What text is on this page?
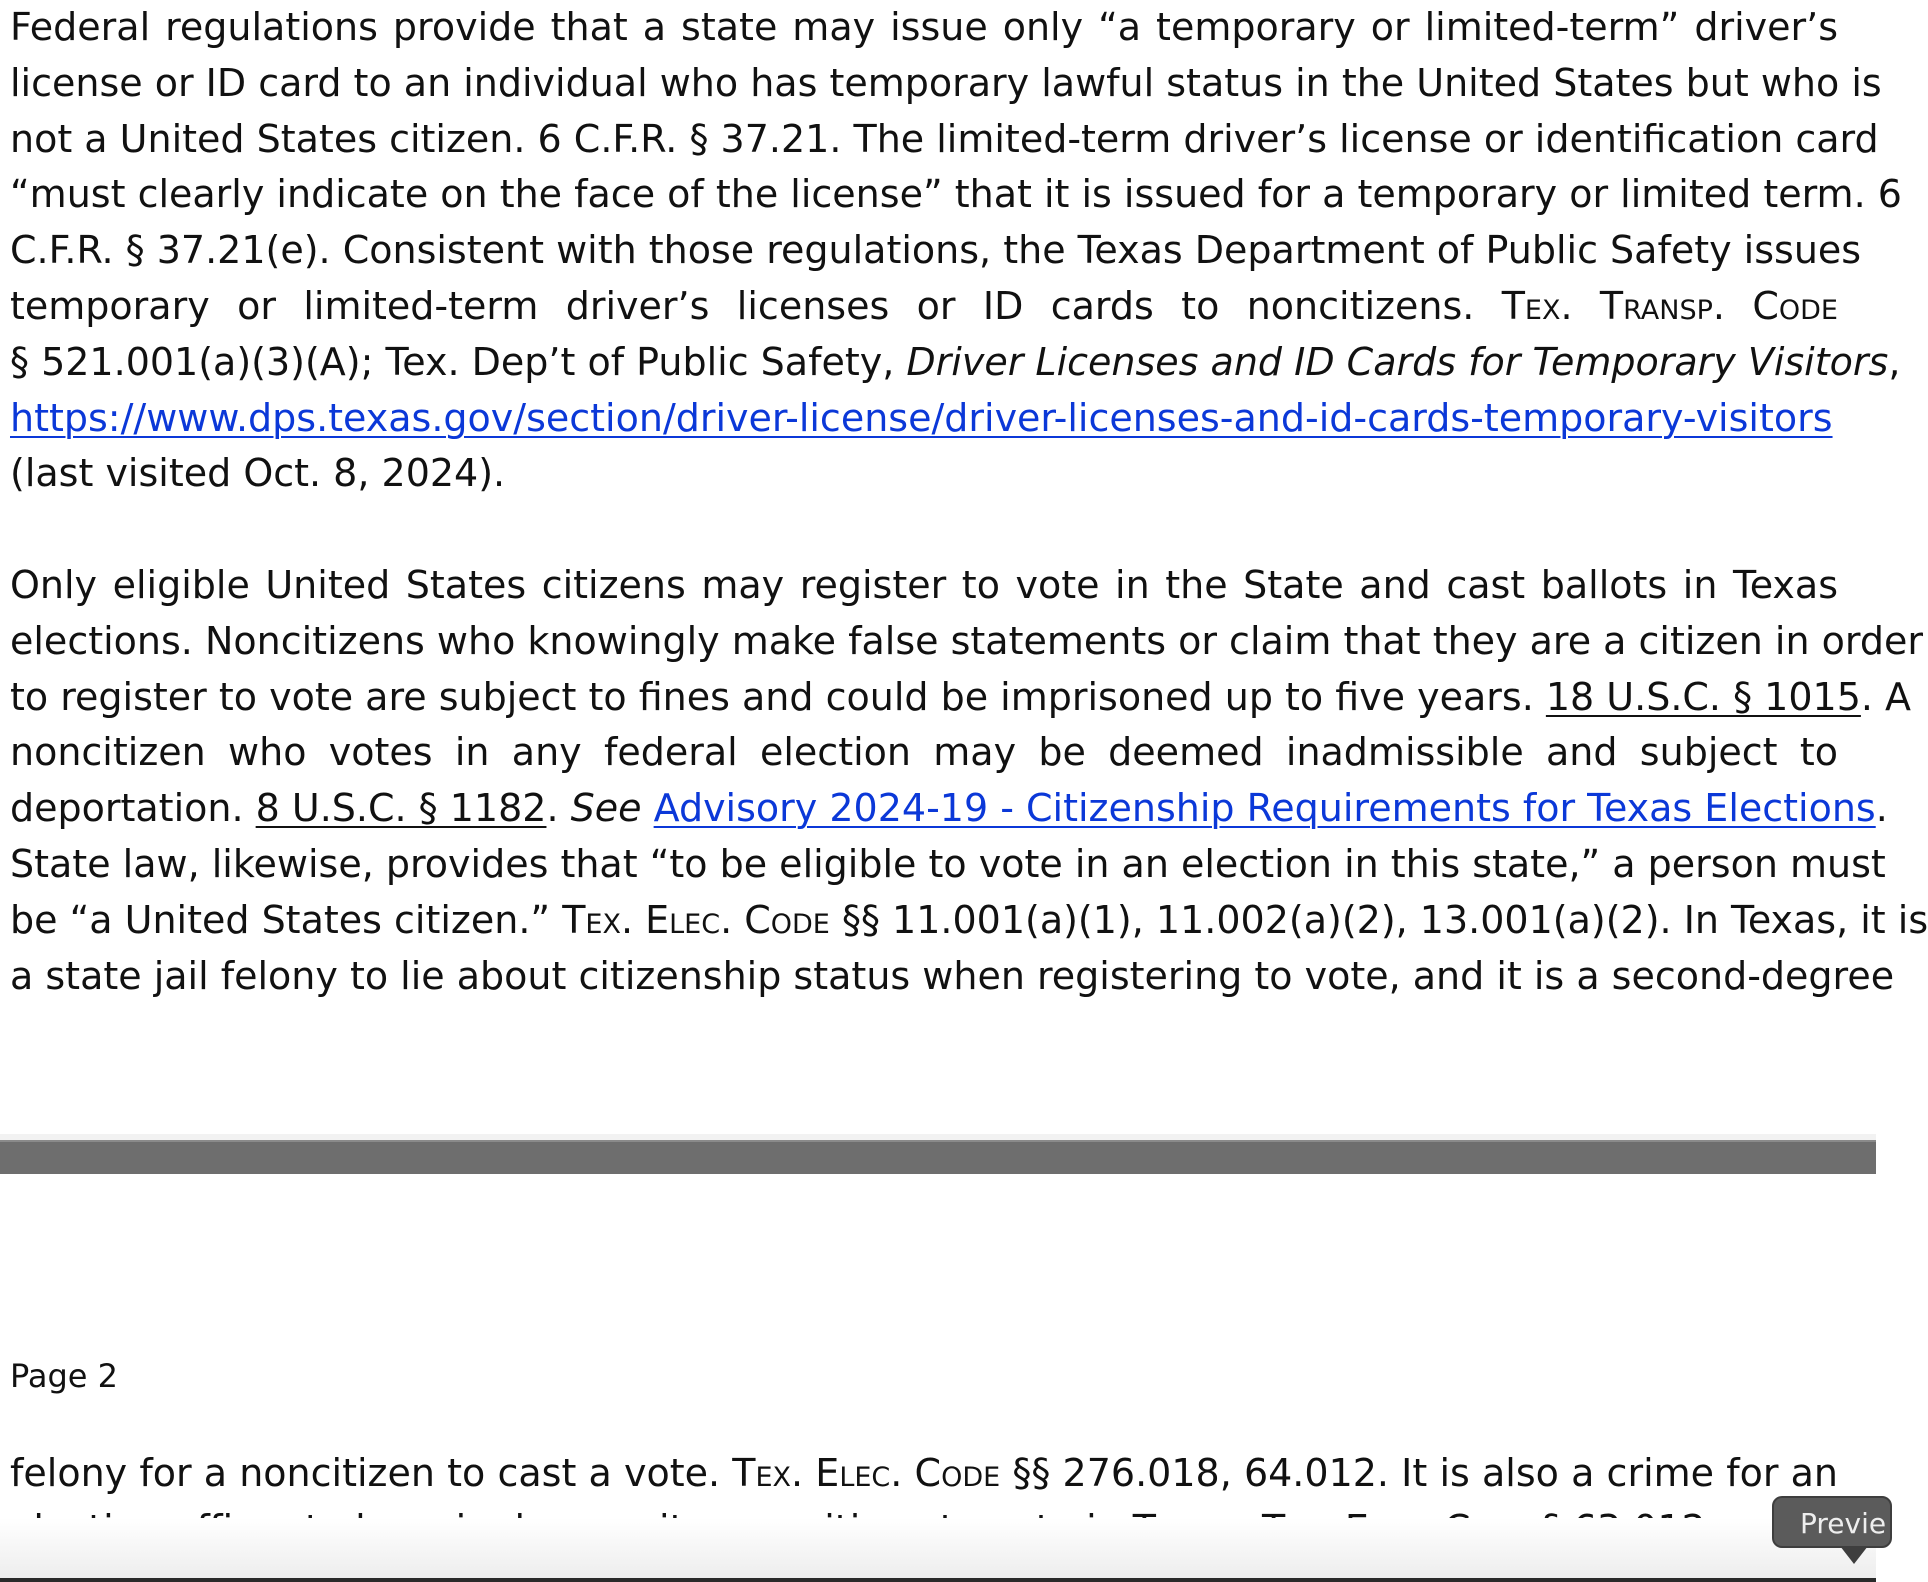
Federal regulations provide that a state may issue only “a temporary or limited-term” driver’s
license or ID card to an individual who has temporary lawful status in the United States but who is
not a United States citizen. 6 C.F.R. § 37.21. The limited-term driver’s license or identification card
“must clearly indicate on the face of the license” that it is issued for a temporary or limited term. 6
C.F.R. § 37.21(e). Consistent with those regulations, the Texas Department of Public Safety issues
temporary or limited-term driver’s licenses or ID cards to noncitizens. Tex. Transp. Code
§ 521.001(a)(3)(A); Tex. Dep’t of Public Safety, Driver Licenses and ID Cards for Temporary Visitors,
https://www.dps.texas.gov/section/driver-license/driver-licenses-and-id-cards-temporary-visitors
(last visited Oct. 8, 2024).
Only eligible United States citizens may register to vote in the State and cast ballots in Texas
elections. Noncitizens who knowingly make false statements or claim that they are a citizen in order
to register to vote are subject to fines and could be imprisoned up to five years. 18 U.S.C. § 1015. A
noncitizen who votes in any federal election may be deemed inadmissible and subject to
deportation. 8 U.S.C. § 1182. See Advisory 2024-19 - Citizenship Requirements for Texas Elections.
State law, likewise, provides that “to be eligible to vote in an election in this state,” a person must
be “a United States citizen.” Tex. Elec. Code §§ 11.001(a)(1), 11.002(a)(2), 13.001(a)(2). In Texas, it is
a state jail felony to lie about citizenship status when registering to vote, and it is a second-degree
Page 2
felony for a noncitizen to cast a vote. Tex. Elec. Code §§ 276.018, 64.012. It is also a crime for an
Previe
